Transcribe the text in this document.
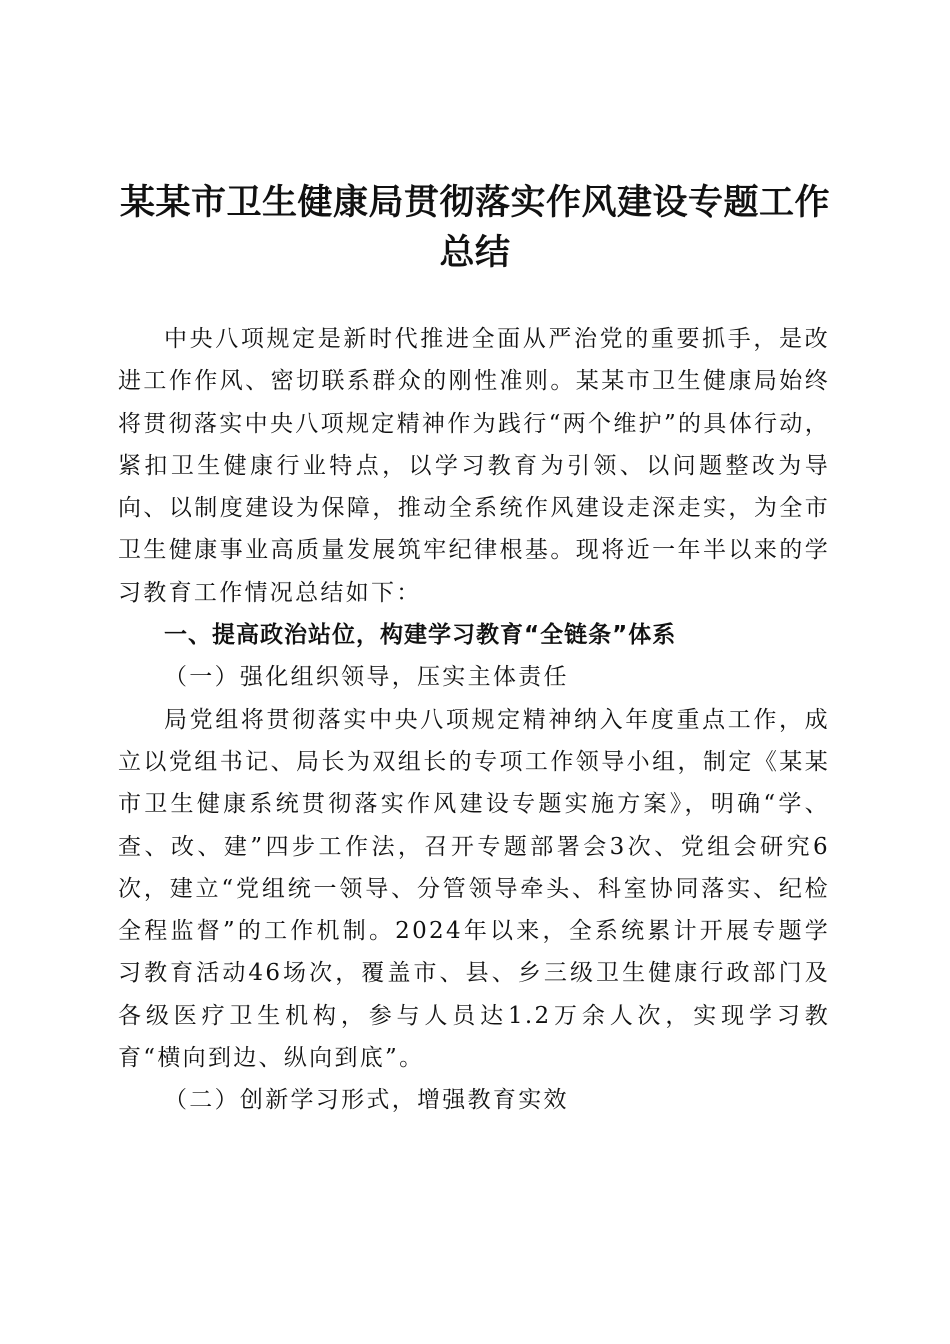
某某市卫生健康局贯彻落实作风建设专题工作总结

中央八项规定是新时代推进全面从严治党的重要抓手，是改进工作作风、密切联系群众的刚性准则。某某市卫生健康局始终将贯彻落实中央八项规定精神作为践行“两个维护”的具体行动，紧扣卫生健康行业特点，以学习教育为引领、以问题整改为导向、以制度建设为保障，推动全系统作风建设走深走实，为全市卫生健康事业高质量发展筑牢纪律根基。现将近一年半以来的学习教育工作情况总结如下：

一、提高政治站位，构建学习教育“全链条”体系

（一）强化组织领导，压实主体责任

局党组将贯彻落实中央八项规定精神纳入年度重点工作，成立以党组书记、局长为双组长的专项工作领导小组，制定《某某市卫生健康系统贯彻落实作风建设专题实施方案》，明确“学、查、改、建”四步工作法，召开专题部署会3次、党组会研究6次，建立“党组统一领导、分管领导牵头、科室协同落实、纪检全程监督”的工作机制。2024年以来，全系统累计开展专题学习教育活动46场次，覆盖市、县、乡三级卫生健康行政部门及各级医疗卫生机构，参与人员达1.2万余人次，实现学习教育“横向到边、纵向到底”。

（二）创新学习形式，增强教育实效
